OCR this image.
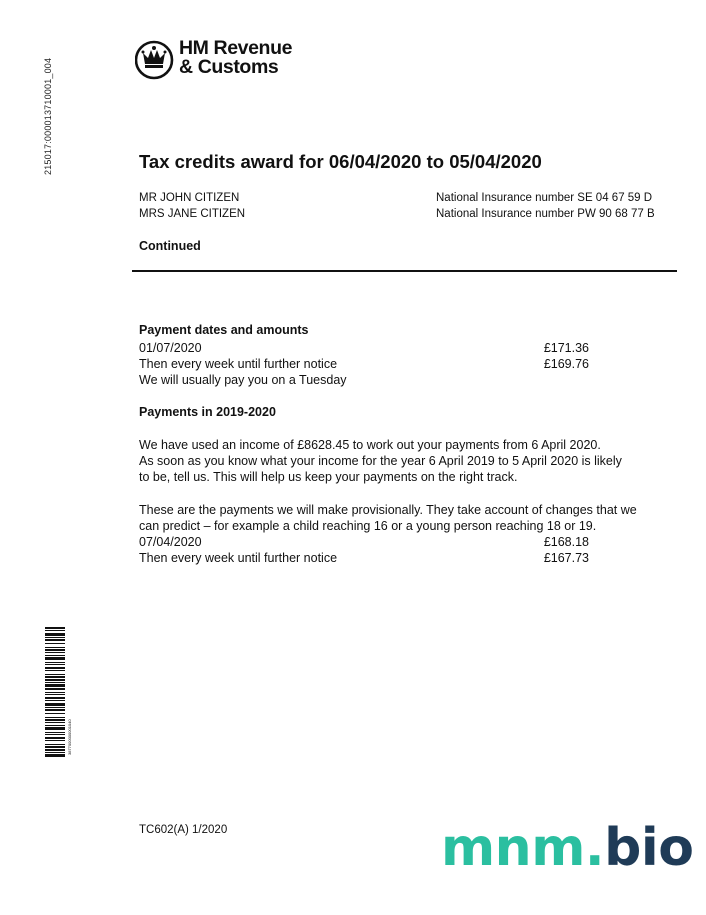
215017:000013710001_004
HM Revenue
& Customs
Tax credits award for 06/04/2020 to 05/04/2020
MR JOHN CITIZEN
MRS JANE CITIZEN
National Insurance number SE 04 67 59 D
National Insurance number PW 90 68 77 B
Continued
Payment dates and amounts
01/07/2020	£171.36
Then every week until further notice	£169.76
We will usually pay you on a Tuesday
Payments in 2019-2020
We have used an income of £8628.45 to work out your payments from 6 April 2020.
As soon as you know what your income for the year 6 April 2019 to 5 April 2020 is likely
to be, tell us. This will help us keep your payments on the right track.
These are the payments we will make provisionally. They take account of changes that we
can predict – for example a child reaching 16 or a young person reaching 18 or 19.
07/04/2020	£168.18
Then every week until further notice	£167.73
3877000000001040
TC602(A) 1/2020	mnm.bio
